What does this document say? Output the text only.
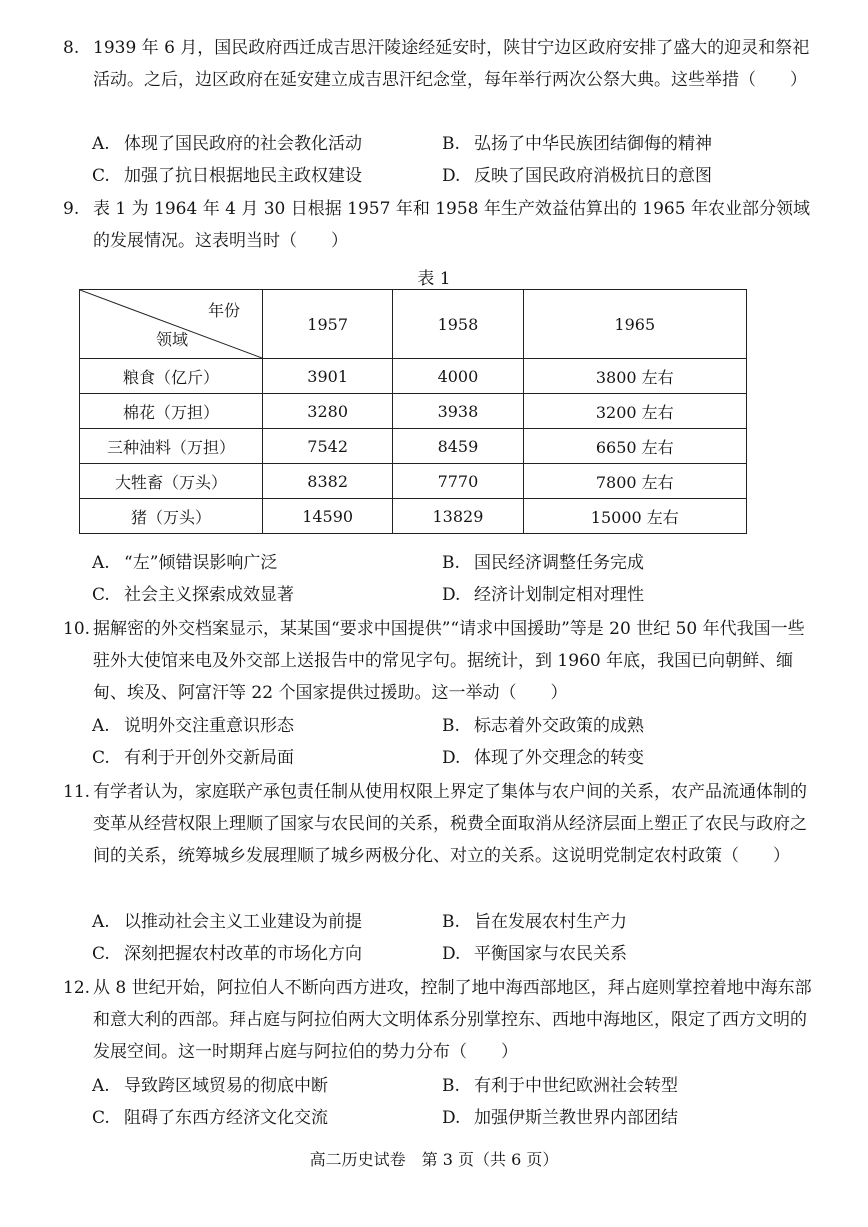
8. 1939 年 6 月，国民政府西迁成吉思汗陵途经延安时，陕甘宁边区政府安排了盛大的迎灵和祭祀活动。之后，边区政府在延安建立成吉思汗纪念堂，每年举行两次公祭大典。这些举措（　　）
A. 体现了国民政府的社会教化活动	B. 弘扬了中华民族团结御侮的精神
C. 加强了抗日根据地民主政权建设	D. 反映了国民政府消极抗日的意图
9. 表 1 为 1964 年 4 月 30 日根据 1957 年和 1958 年生产效益估算出的 1965 年农业部分领域的发展情况。这表明当时（　　）
表 1
年份
领域	1957	1958	1965
粮食（亿斤）	3901	4000	3800 左右
棉花（万担）	3280	3938	3200 左右
三种油料（万担）	7542	8459	6650 左右
大牲畜（万头）	8382	7770	7800 左右
猪（万头）	14590	13829	15000 左右
A. “左”倾错误影响广泛	B. 国民经济调整任务完成
C. 社会主义探索成效显著	D. 经济计划制定相对理性
10. 据解密的外交档案显示，某某国“要求中国提供”“请求中国援助”等是 20 世纪 50 年代我国一些驻外大使馆来电及外交部上送报告中的常见字句。据统计，到 1960 年底，我国已向朝鲜、缅甸、埃及、阿富汗等 22 个国家提供过援助。这一举动（　　）
A. 说明外交注重意识形态	B. 标志着外交政策的成熟
C. 有利于开创外交新局面	D. 体现了外交理念的转变
11. 有学者认为，家庭联产承包责任制从使用权限上界定了集体与农户间的关系，农产品流通体制的变革从经营权限上理顺了国家与农民间的关系，税费全面取消从经济层面上塑正了农民与政府之间的关系，统筹城乡发展理顺了城乡两极分化、对立的关系。这说明党制定农村政策（　　）
A. 以推动社会主义工业建设为前提	B. 旨在发展农村生产力
C. 深刻把握农村改革的市场化方向	D. 平衡国家与农民关系
12. 从 8 世纪开始，阿拉伯人不断向西方进攻，控制了地中海西部地区，拜占庭则掌控着地中海东部和意大利的西部。拜占庭与阿拉伯两大文明体系分别掌控东、西地中海地区，限定了西方文明的发展空间。这一时期拜占庭与阿拉伯的势力分布（　　）
A. 导致跨区域贸易的彻底中断	B. 有利于中世纪欧洲社会转型
C. 阻碍了东西方经济文化交流	D. 加强伊斯兰教世界内部团结
高二历史试卷　第 3 页（共 6 页）
